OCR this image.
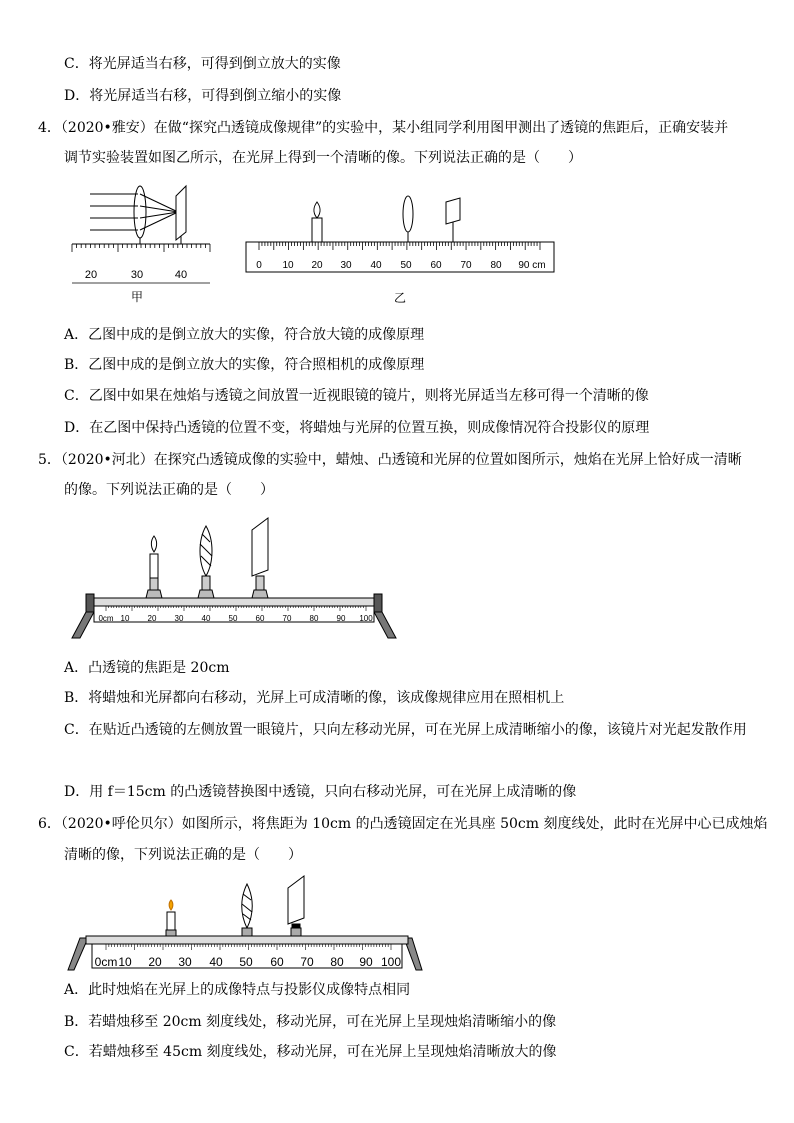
C．将光屏适当右移，可得到倒立放大的实像
D．将光屏适当右移，可得到倒立缩小的实像
4．（2020•雅安）在做“探究凸透镜成像规律”的实验中，某小组同学利用图甲测出了透镜的焦距后，正确安装并
调节实验装置如图乙所示，在光屏上得到一个清晰的像。下列说法正确的是（　　）
20	30	40
甲
0 10 20 30 40 50 60 70 80 90 cm
乙
A．乙图中成的是倒立放大的实像，符合放大镜的成像原理
B．乙图中成的是倒立放大的实像，符合照相机的成像原理
C．乙图中如果在烛焰与透镜之间放置一近视眼镜的镜片，则将光屏适当左移可得一个清晰的像
D．在乙图中保持凸透镜的位置不变，将蜡烛与光屏的位置互换，则成像情况符合投影仪的原理
5．（2020•河北）在探究凸透镜成像的实验中，蜡烛、凸透镜和光屏的位置如图所示，烛焰在光屏上恰好成一清晰
的像。下列说法正确的是（　　）
0cm 10 20 30 40 50 60 70 80 90 100
A．凸透镜的焦距是 20cm
B．将蜡烛和光屏都向右移动，光屏上可成清晰的像，该成像规律应用在照相机上
C．在贴近凸透镜的左侧放置一眼镜片，只向左移动光屏，可在光屏上成清晰缩小的像，该镜片对光起发散作用
D．用 f＝15cm 的凸透镜替换图中透镜，只向右移动光屏，可在光屏上成清晰的像
6．（2020•呼伦贝尔）如图所示，将焦距为 10cm 的凸透镜固定在光具座 50cm 刻度线处，此时在光屏中心已成烛焰
清晰的像，下列说法正确的是（　　）
0cm 10 20 30 40 50 60 70 80 90 100
A．此时烛焰在光屏上的成像特点与投影仪成像特点相同
B．若蜡烛移至 20cm 刻度线处，移动光屏，可在光屏上呈现烛焰清晰缩小的像
C．若蜡烛移至 45cm 刻度线处，移动光屏，可在光屏上呈现烛焰清晰放大的像
